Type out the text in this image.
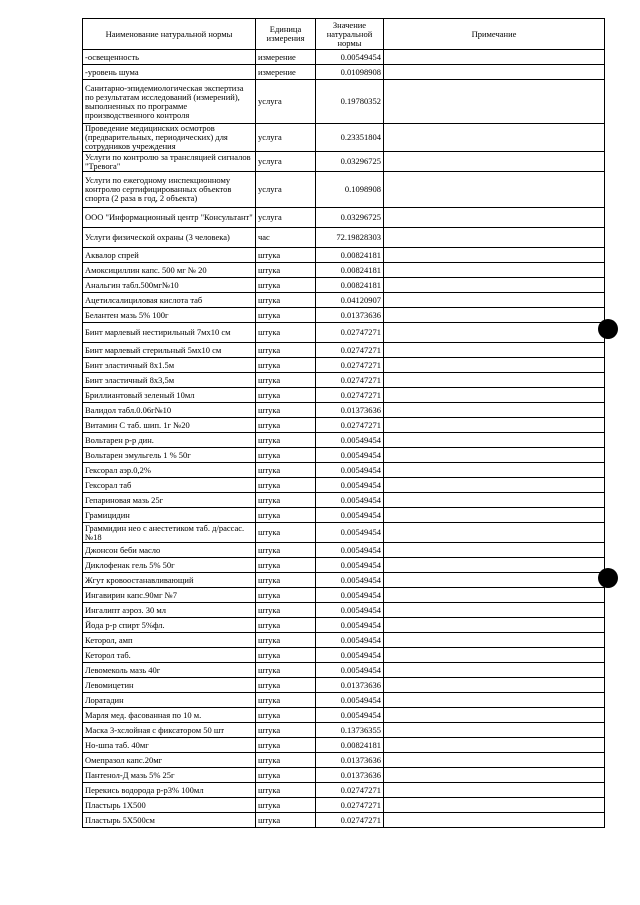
Наименование натуральной нормы	Единица измерения	Значение натуральной нормы	Примечание
-освещенность	измерение	0.00549454	
-уровень шума	измерение	0.01098908	
Санитарно-эпидемиологическая экспертиза по результатам исследований (измерений), выполненных по программе производственного контроля	услуга	0.19780352	
Проведение медицинских осмотров (предварительных, периодических) для сотрудников учреждения	услуга	0.23351804	
Услуги по контролю за трансляцией сигналов "Тревога"	услуга	0.03296725	
Услуги по ежегодному инспекционному контролю сертифицированных объектов спорта (2 раза в год, 2 объекта)	услуга	0.1098908	
ООО "Информационный центр "Консультант"	услуга	0.03296725	
Услуги физической охраны (3 человека)	час	72.19828303	
Аквалор спрей	штука	0.00824181	
Амоксициллин капс. 500 мг № 20	штука	0.00824181	
Анальгин табл.500мг№10	штука	0.00824181	
Ацетилсалициловая кислота таб	штука	0.04120907	
Белантен мазь 5% 100г	штука	0.01373636	
Бинт марлевый нестирильный 7мх10 см	штука	0.02747271	
Бинт марлевый стерильный 5мх10 см	штука	0.02747271	
Бинт эластичный 8х1.5м	штука	0.02747271	
Бинт эластичный 8х3,5м	штука	0.02747271	
Бриллиантовый зеленый 10мл	штука	0.02747271	
Валидол табл.0.06г№10	штука	0.01373636	
Витамин С таб. шип. 1г №20	штука	0.02747271	
Вольтарен р-р дин.	штука	0.00549454	
Вольтарен эмульгель 1 % 50г	штука	0.00549454	
Гексорал аэр.0,2%	штука	0.00549454	
Гексорал таб	штука	0.00549454	
Гепариновая мазь 25г	штука	0.00549454	
Грамицидин	штука	0.00549454	
Граммидин нео с анестетиком таб. д/рассас. №18	штука	0.00549454	
Джонсон беби масло	штука	0.00549454	
Диклофенак гель 5% 50г	штука	0.00549454	
Жгут кровоостанавливающий	штука	0.00549454	
Ингавирин капс.90мг №7	штука	0.00549454	
Ингалипт аэроз. 30 мл	штука	0.00549454	
Йода р-р спирт 5%фл.	штука	0.00549454	
Кеторол, амп	штука	0.00549454	
Кеторол таб.	штука	0.00549454	
Левомеколь мазь 40г	штука	0.00549454	
Левомицетин	штука	0.01373636	
Лоратадин	штука	0.00549454	
Марля мед. фасованная по 10 м.	штука	0.00549454	
Маска 3-хслойная с фиксатором 50 шт	штука	0.13736355	
Но-шпа таб. 40мг	штука	0.00824181	
Омепразол капс.20мг	штука	0.01373636	
Пантенол-Д мазь 5% 25г	штука	0.01373636	
Перекись водорода р-р3% 100мл	штука	0.02747271	
Пластырь 1Х500	штука	0.02747271	
Пластырь 5Х500см	штука	0.02747271	
